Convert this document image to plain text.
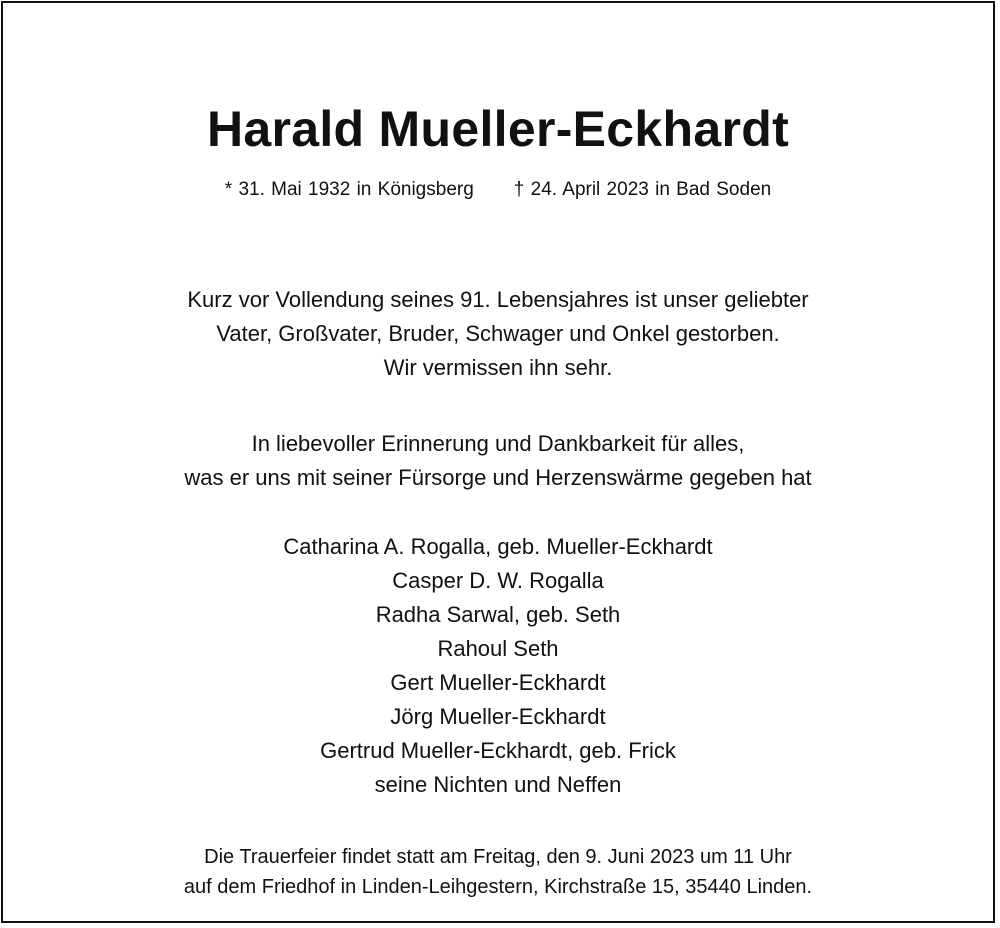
Harald Mueller-Eckhardt
* 31. Mai 1932 in Königsberg † 24. April 2023 in Bad Soden
Kurz vor Vollendung seines 91. Lebensjahres ist unser geliebter
Vater, Großvater, Bruder, Schwager und Onkel gestorben.
Wir vermissen ihn sehr.
In liebevoller Erinnerung und Dankbarkeit für alles,
was er uns mit seiner Fürsorge und Herzenswärme gegeben hat
Catharina A. Rogalla, geb. Mueller-Eckhardt
Casper D. W. Rogalla
Radha Sarwal, geb. Seth
Rahoul Seth
Gert Mueller-Eckhardt
Jörg Mueller-Eckhardt
Gertrud Mueller-Eckhardt, geb. Frick
seine Nichten und Neffen
Die Trauerfeier findet statt am Freitag, den 9. Juni 2023 um 11 Uhr
auf dem Friedhof in Linden-Leihgestern, Kirchstraße 15, 35440 Linden.
